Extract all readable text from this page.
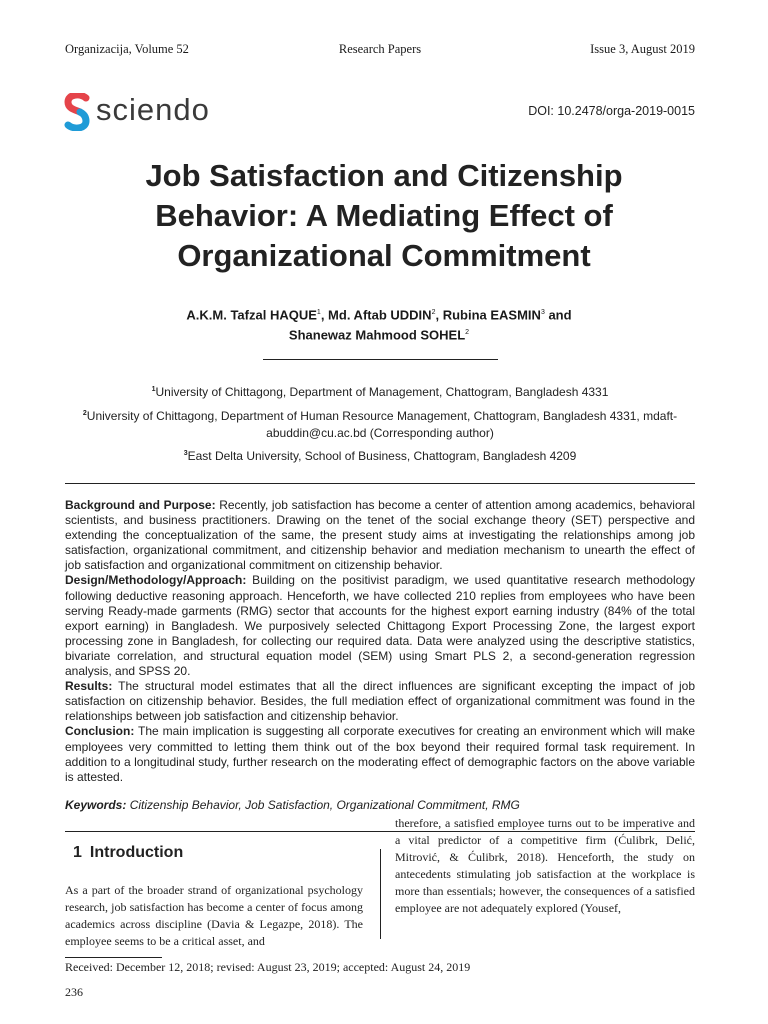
Organizacija, Volume 52	Research Papers	Issue 3, August 2019
sciendo	DOI: 10.2478/orga-2019-0015
Job Satisfaction and Citizenship Behavior: A Mediating Effect of Organizational Commitment
A.K.M. Tafzal HAQUE$^1$, Md. Aftab UDDIN$^2$, Rubina EASMIN$^3$ and
Shanewaz Mahmood SOHEL$^2$
$^1$University of Chittagong, Department of Management, Chattogram, Bangladesh 4331
$^2$University of Chittagong, Department of Human Resource Management, Chattogram, Bangladesh 4331, mdaft-abuddin@cu.ac.bd (Corresponding author)
$^3$East Delta University, School of Business, Chattogram, Bangladesh 4209

Background and Purpose: Recently, job satisfaction has become a center of attention among academics, behavioral scientists, and business practitioners. Drawing on the tenet of the social exchange theory (SET) perspective and extending the conceptualization of the same, the present study aims at investigating the relationships among job satisfaction, organizational commitment, and citizenship behavior and mediation mechanism to unearth the effect of job satisfaction and organizational commitment on citizenship behavior.

Design/Methodology/Approach: Building on the positivist paradigm, we used quantitative research methodology following deductive reasoning approach. Henceforth, we have collected 210 replies from employees who have been serving Ready-made garments (RMG) sector that accounts for the highest export earning industry (84% of the total export earning) in Bangladesh. We purposively selected Chittagong Export Processing Zone, the largest export processing zone in Bangladesh, for collecting our required data. Data were analyzed using the descriptive statistics, bivariate correlation, and structural equation model (SEM) using Smart PLS 2, a second-generation regression analysis, and SPSS 20.

Results: The structural model estimates that all the direct influences are significant excepting the impact of job satisfaction on citizenship behavior. Besides, the full mediation effect of organizational commitment was found in the relationships between job satisfaction and citizenship behavior.

Conclusion: The main implication is suggesting all corporate executives for creating an environment which will make employees very committed to letting them think out of the box beyond their required formal task requirement. In addition to a longitudinal study, further research on the moderating effect of demographic factors on the above variable is attested.

Keywords: Citizenship Behavior, Job Satisfaction, Organizational Commitment, RMG
1 Introduction

As a part of the broader strand of organizational psychology research, job satisfaction has become a center of focus among academics across discipline (Davia & Legazpe, 2018). The employee seems to be a critical asset, and

therefore, a satisfied employee turns out to be imperative and a vital predictor of a competitive firm (Ćulibrk, Delić, Mitrović, & Ćulibrk, 2018). Henceforth, the study on antecedents stimulating job satisfaction at the workplace is more than essentials; however, the consequences of a satisfied employee are not adequately explored (Yousef,

Received: December 12, 2018; revised: August 23, 2019; accepted: August 24, 2019
236
